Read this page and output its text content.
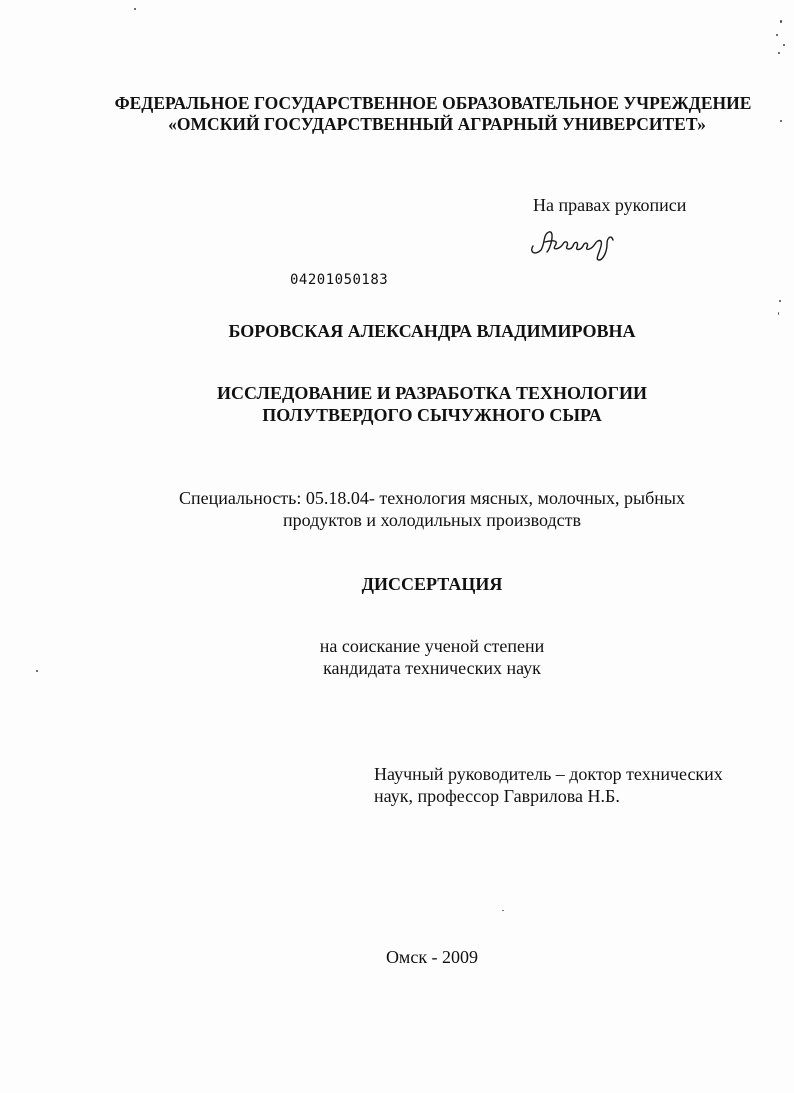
ФЕДЕРАЛЬНОЕ ГОСУДАРСТВЕННОЕ ОБРАЗОВАТЕЛЬНОЕ УЧРЕЖДЕНИЕ
«ОМСКИЙ ГОСУДАРСТВЕННЫЙ АГРАРНЫЙ УНИВЕРСИТЕТ»
На правах рукописи
04201050183
БОРОВСКАЯ АЛЕКСАНДРА ВЛАДИМИРОВНА
ИССЛЕДОВАНИЕ И РАЗРАБОТКА ТЕХНОЛОГИИ
ПОЛУТВЕРДОГО СЫЧУЖНОГО СЫРА
Специальность: 05.18.04- технология мясных, молочных, рыбных
продуктов и холодильных производств
ДИССЕРТАЦИЯ
на соискание ученой степени
кандидата технических наук
Научный руководитель – доктор технических
наук, профессор Гаврилова Н.Б.
Омск - 2009
